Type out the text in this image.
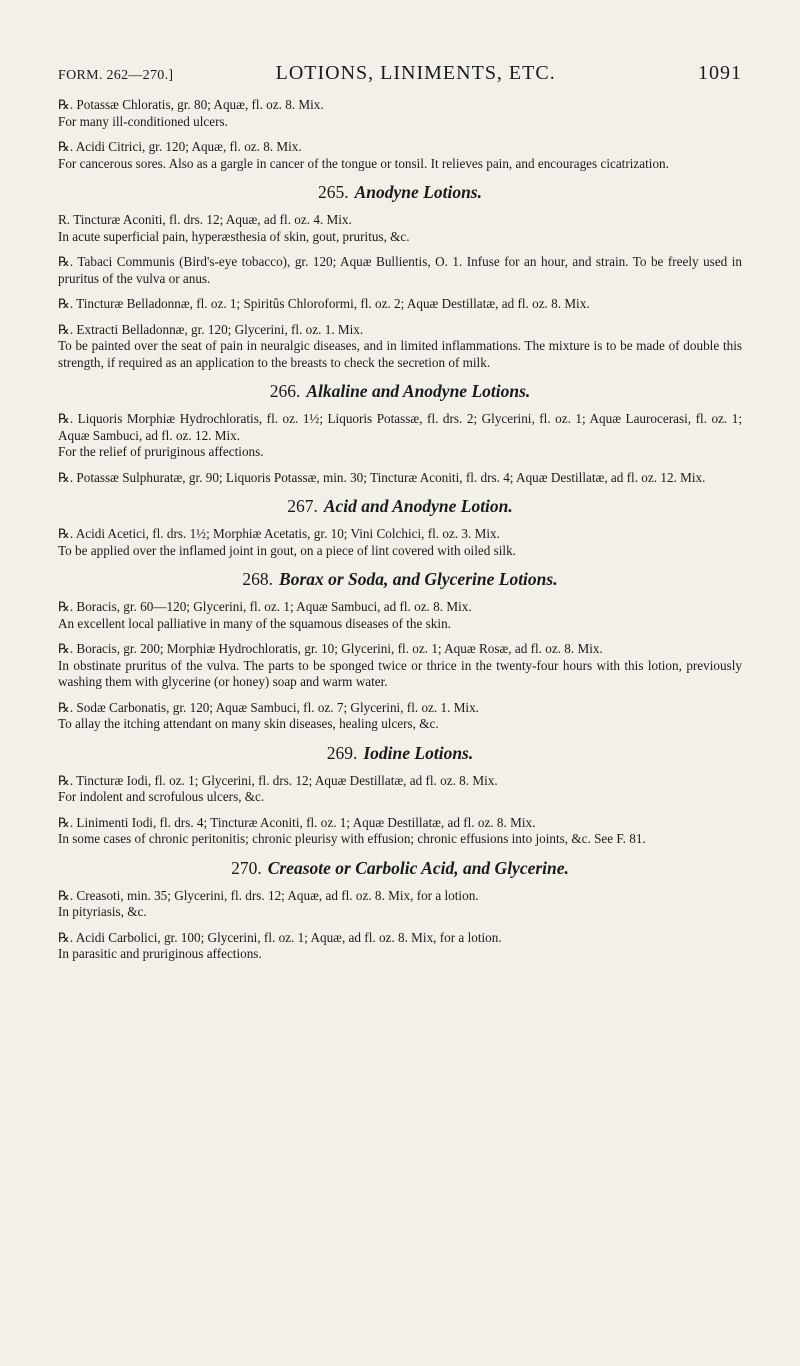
FORM. 262—270.]	LOTIONS, LINIMENTS, ETC.	1091

℞. Potassæ Chloratis, gr. 80; Aquæ, fl. oz. 8. Mix.

For many ill-conditioned ulcers.

℞. Acidi Citrici, gr. 120; Aquæ, fl. oz. 8. Mix.

For cancerous sores. Also as a gargle in cancer of the tongue or tonsil. It relieves pain, and encourages cicatrization.

265. Anodyne Lotions.

R. Tincturæ Aconiti, fl. drs. 12; Aquæ, ad fl. oz. 4. Mix.

In acute superficial pain, hyperæsthesia of skin, gout, pruritus, &c.

℞. Tabaci Communis (Bird's-eye tobacco), gr. 120; Aquæ Bullientis, O. 1. Infuse for an hour, and strain. To be freely used in pruritus of the vulva or anus.

℞. Tincturæ Belladonnæ, fl. oz. 1; Spiritûs Chloroformi, fl. oz. 2; Aquæ Destillatæ, ad fl. oz. 8. Mix.

℞. Extracti Belladonnæ, gr. 120; Glycerini, fl. oz. 1. Mix.

To be painted over the seat of pain in neuralgic diseases, and in limited inflammations. The mixture is to be made of double this strength, if required as an application to the breasts to check the secretion of milk.

266. Alkaline and Anodyne Lotions.

℞. Liquoris Morphiæ Hydrochloratis, fl. oz. 1½; Liquoris Potassæ, fl. drs. 2; Glycerini, fl. oz. 1; Aquæ Laurocerasi, fl. oz. 1; Aquæ Sambuci, ad fl. oz. 12. Mix.

For the relief of pruriginous affections.

℞. Potassæ Sulphuratæ, gr. 90; Liquoris Potassæ, min. 30; Tincturæ Aconiti, fl. drs. 4; Aquæ Destillatæ, ad fl. oz. 12. Mix.

267. Acid and Anodyne Lotion.

℞. Acidi Acetici, fl. drs. 1½; Morphiæ Acetatis, gr. 10; Vini Colchici, fl. oz. 3. Mix.

To be applied over the inflamed joint in gout, on a piece of lint covered with oiled silk.

268. Borax or Soda, and Glycerine Lotions.

℞. Boracis, gr. 60—120; Glycerini, fl. oz. 1; Aquæ Sambuci, ad fl. oz. 8. Mix.

An excellent local palliative in many of the squamous diseases of the skin.

℞. Boracis, gr. 200; Morphiæ Hydrochloratis, gr. 10; Glycerini, fl. oz. 1; Aquæ Rosæ, ad fl. oz. 8. Mix.

In obstinate pruritus of the vulva. The parts to be sponged twice or thrice in the twenty-four hours with this lotion, previously washing them with glycerine (or honey) soap and warm water.

℞. Sodæ Carbonatis, gr. 120; Aquæ Sambuci, fl. oz. 7; Glycerini, fl. oz. 1. Mix.

To allay the itching attendant on many skin diseases, healing ulcers, &c.

269. Iodine Lotions.

℞. Tincturæ Iodi, fl. oz. 1; Glycerini, fl. drs. 12; Aquæ Destillatæ, ad fl. oz. 8. Mix.

For indolent and scrofulous ulcers, &c.

℞. Linimenti Iodi, fl. drs. 4; Tincturæ Aconiti, fl. oz. 1; Aquæ Destillatæ, ad fl. oz. 8. Mix.

In some cases of chronic peritonitis; chronic pleurisy with effusion; chronic effusions into joints, &c. See F. 81.

270. Creasote or Carbolic Acid, and Glycerine.

℞. Creasoti, min. 35; Glycerini, fl. drs. 12; Aquæ, ad fl. oz. 8. Mix, for a lotion.

In pityriasis, &c.

℞. Acidi Carbolici, gr. 100; Glycerini, fl. oz. 1; Aquæ, ad fl. oz. 8. Mix, for a lotion.

In parasitic and pruriginous affections.
